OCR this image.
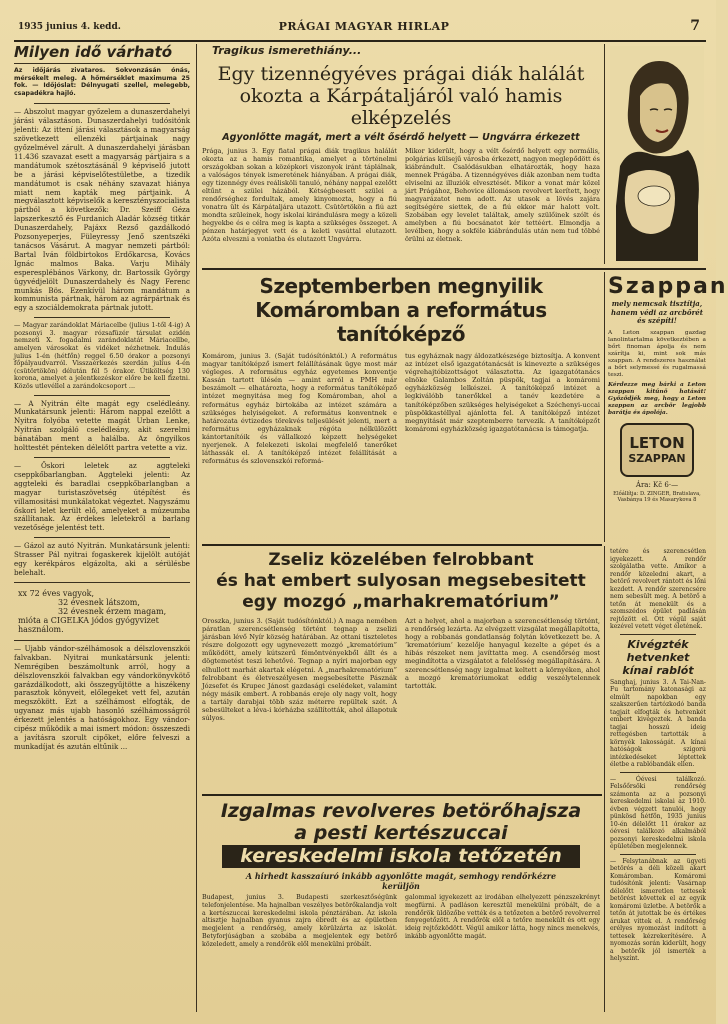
1935 junius 4. kedd.	PRÁGAI MAGYAR HIRLAP	7
Milyen idő várható

Az időjárás zivataros. Sokvonzásán ónás, mérsékelt meleg. A hőmérséklet maximuma 25 fok. — Időjóslat: Délnyugati szellel, melegebb, csapadékra hajló.

— Abszolut magyar győzelem a dunaszerdahelyi járási választáson. Dunaszerdahelyi tudósitónk jelenti: Az ittení járási választások a magyarság szövetkezett ellenzéki pártjainak nagy győzelmével zárult. A dunaszerdahelyi járásban 11.436 szavazat esett a magyarság pártjaira s a mandátumok szétosztásánál 9 képviselő jutott be a járási képviselőtestületbe, a tizedik mandátumot is csak néhány szavazat hiánya miatt nem kapták meg pártjaink. A megválasztott képviselők a keresztényszocialista pártból a következők: Dr. Szeiff Géza lapszerkesztő és Furdanich Aladár község titkár Dunaszerdahely, Pajáxx Rezső gazdálkodó Pozsonyeperjes, Füleyressy Jenő szentszéki tanácsos Vásárut. A magyar nemzeti pártból: Bartal Iván földbirtokos Erdőkarcsa, Kovács Ignác malmos Baka. Varju Mihály esperesplébános Várkony, dr. Bartossik György ügyvédjelölt Dunaszerdahely és Nagy Ferenc munkás Bös. Ezenkívül három mandátum a kommunista pártnak, három az agrárpártnak és egy a szociáldemokrata pártnak jutott.

— Magyar zarándoklat Máriacelbe (julius 1-től 4-ig) A pozsonyi 3. magyar rózsafüzér társulat ezidén nemzeti X. fogadalmi zarándoklatát Máriacellbe, amelyen városokat és vidéket nézhetnek. Indulás julius 1-én (hétfőn) reggel 6.50 órakor a pozsonyi főpályaudvarról. Visszaérkezés szerdán julius 4-én (csütörtökön) délután fél 5 órakor. Útiköltség 130 korona, amelyet a jelentkezéskor előre be kell fizetni. Közös utlevéllel a zarándokcsoport ...

— A Nyitrán élte magát egy cselédleány. Munkatársunk jelenti: Három nappal ezelőtt a Nyitra folyóba vetette magát Urban Lenke, Nyitrán szolgáló cselédleány, akit szerelmi bánatában ment a halálba. Az öngyilkos holttestét pénteken délelőtt partra vetette a viz.

— Őskori leletek az aggteleki cseppkőbarlangban. Aggteleki jelenti: Az aggteleki és baradlai cseppkőbarlangban a magyar turistaszövetség útépítést és villamositási munkálatokat végeztet. Nagyszámu őskori lelet került elő, amelyeket a múzeumba szállítanak. Az érdekes leletekről a barlang vezetősége jelentést tett.

— Gázol az autó Nyitrán. Munkatársunk jelenti: Strasser Pál nyitrai fogaskerek kijelölt autóját egy kerékpáros elgázolta, aki a sérülésbe belehalt.

xx 72 éves vagyok,
32 évesnek látszom,
32 évesnek érzem magam,
mióta a CIGELKA jódos gyógyvizet használom.

— Ujabb vándor-szélhámosok a délszlovenszkói falvakban. Nyitrai munkatársunk jelenti: Nemrégiben beszámoltunk arról, hogy a délszlovenszkói falvakban egy vándorkönyvkötő garázdálkodott, aki összegyűjtötte a hiszékeny parasztok könyveit, előlegeket vett fel, azután megszökött. Ezt a szélhámost elfogták, de ugyanaz más ujabb hasonló szélhámosságról érkezett jelentés a hatóságokhoz. Egy vándor-cipész működik a mai ismert módon: összeszedi a javításra szorult cipőket, előre felveszi a munkadíjat és azután eltűnik ...

Tragikus ismerethiány...
Egy tizennégyéves prágai diák halálát okozta a Kárpátaljáról való hamis elképzelés
Agyonlőtte magát, mert a vélt ősérdő helyett — Ungvárra érkezett

Prága, junius 3. Egy fiatal prágai diák tragikus halálát okozta az a hamis romantika, amelyet a történelmi országokban sokan a középkori viszonyok iránt táplálnak, a valóságos tények ismeretének hiányában. A prágai diák, egy tizennégy éves reálisköli tanuló, néhány nappal ezelőtt eltűnt a szülei házából. Kétségbeesett szülei a rendőrséghez fordultak, amely kinyomozta, hogy a fiú vonatra ült és Kárpátaljára utazott. Csütörtökön a fiú azt mondta szüleinek, hogy iskolai kirándulásra megy a közeli hegyekbe és e célra meg is kapta a szükséges összeget. A pénzen határjegyet vett és a keleti vasúttal elutazott. Azóta elveszni a voniatba és elutazott Ungvárra.

Mikor kiderült, hogy a vélt ősérdő helyett egy normális, polgárias külsejű városba érkezett, nagyon meglepődött és kiábrándult. Csalódásukban elhatározták, hogy haza mennek Prágába. A tizennégyéves diák azonban nem tudta elviselni az illuziók elvesztését. Mikor a vonat már közel járt Prágához, Behovice állomáson revolvert kerített, hogy magyarázatot nem adott. Az utasok a lövés zajára segítségére siettek, de a fiú ekkor már halott volt. Szobában egy levelet találtak, amely szülőinek szólt és amelyben a fiú bocsánatot kér tettéért. Elmondja a levélben, hogy a sokféle kiábrándulás után nem tud többé örülni az életnek.

Szeptemberben megnyilik Komáromban a református tanítóképző

Komárom, junius 3. (Saját tudósítónktól.) A református magyar tanítóképző ismert felállításának ügye most már végleges. A református egyház egyetemes konventje Kassán tartott ülésén — amint arról a PMH már beszámolt — elhatározta, hogy a református tanítóképző intézet megnyitása meg fog Komáromban, ahol a református egyház birtokába az intézet számára a szükséges helyiségeket. A református konventnek e határozata évtizedes törekvés teljesülését jelenti, mert a református egyházaknak régóta nélkülözött kántortanítóik és vállalkozó képzett helységeket nyerjenek. A felekezeti iskolai megfelelő tanerőket láthassák el. A tanítóképző intézet felállítását a református és szlovenszkói reformá-

tus egyháznak nagy áldozatkészsége biztosítja. A konvent az intézet első igazgatótanácsát is kinevezte a szükséges végrehajtóbizottságot választotta. Az igazgatótanács elnöke Galambos Zoltán püspök, tagjai a komáromi egyházközség lelkészei. A tanítóképző intézet a legkiválóbb tanerőkkel a tanév kezdetére a tanítóképzőben szükséges helyiségeket a Széchenyi-uccai püspökkastéllyal ajánlotta fel. A tanítóképző intézet megnyitását már szeptemberre tervezik. A tanítóképzőt komáromi egyházközség igazgatótanácsa is támogatja.

Szappan
mely nemcsak tisztítja, hanem védi az arcbőrét és szépíti!

A Leton szappan gazdag lanolintartalma következtében a bőrt finoman ápolja és nem szárítja ki, mint sok más szappan. A rendszeres használat a bőrt selymessé és rugalmassá teszi.

Kérdezze meg bárki a Leton szappan kitűnő hatását! Győződjék meg, hogy a Leton szappan az arcbőr legjobb barátja és ápolója.

LETON
SZAPPAN
Ára: Kč 6·—
Előállítja: D. ZINGER, Bratislava, Vasbánya 19 és Masarykova 8
Zseliz közelében felrobbant
és hat embert sulyosan megsebesitett
egy mozgó „marhakrematórium”

Oroszka, junius 3. (Saját tudósítónktól.) A maga nemében páratlan szerencsétlenség történt tegnap a zselizi járásban lévő Nyír község határában. Az ottani tiszteletes részre dolgozott egy ugynevezett mozgó „krematórium” működött, amely kútszerű fémöntvényekből állt és a dögtemetést teszi lehetővé. Tegnap a nyíri majorban egy elhullott marhát akartak elégetni. A „marhakrematórium” felrobbant és életveszélyesen megsebesítette Pásznák Józsefet és Krupec Jánost gazdasági cselédeket, valamint négy másik embert. A robbanás ereje oly nagy volt, hogy a tartály darabjai több száz méterre repültek szét. A sebesülteket a léva-i kórházba szállították, ahol állapotuk súlyos.

Azt a helyet, ahol a majorban a szerencsétlenség történt, a rendőrség lezárta. Az elvégzett vizsgálat megállapította, hogy a robbanás gondatlanság folytán következett be. A ‘krematórium’ kezelője hanyagul kezelte a gépet és a hibás részeket nem javíttatta meg. A csendőrség most megindította a vizsgálatot a felelősség megállapítására. A szerencsétlenség nagy izgalmat keltett a környéken, ahol a mozgó krematóriumokat eddig veszélytelennek tartották.

Izgalmas revolveres betörőhajsza
a pesti kertészuccai
kereskedelmi iskola tetőzetén
A hirhedt kasszaíuró inkább agyonlőtte magát, semhogy rendőrkézre kerüljön

Budapest, junius 3. Budapesti szerkesztőségünk telefonjelentése. Ma hajnalban veszélyes betörőkalandja volt a kertészuccai kereskedelmi iskola pénztárában. Az iskola altisztje hajnalban gyanus zajra ébredt és az épületben megjelent a rendőrség, amely körülzárta az iskolát. Betyforjúságban a szobába a megjelentek egy betörő közeledett, amely a rendőrök elől menekülni próbált.

galommal igyekezett az irodában elhelyezett pénzszekrényt megfúrni. A padláson keresztül menekülni próbált, de a rendőrök üldözőbe vették és a tetőzeten a betörő revolverrel fenyegetőzött. A rendőrök elől a tetőre menekült és ott egy ideig rejtőzködött. Végül amikor látta, hogy nincs menekvés, inkább agyonlőtte magát.

tetére és szerencsétlen igyekezett. A rendőr szolgálatba vette. Amikor a rendőr közeledni akart, a betörő revolvert rántott és lőni kezdett. A rendőr szerencsére nem sebesült meg. A betörő a tetőn át menekült és a szomszédos épület padlásán rejtőzött el. Ott végül saját kezével vetett véget életének.

Kivégzték hetvenket kínai rablót

Sanghaj, junius 3. A Tai-Nan-Fu tartomány katonasági az elmúlt napokban egy szakszerűen tartózkodó banda tagjait elfogták és hetvenkét embert kivégeztek. A banda tagjai hosszú ideig rettegésben tartották a környék lakosságát. A kínai hatóságok szigorú intézkedéseket léptettek életbe a rablóbandák ellen.

— Óévesi találkozó. Felsőőrsöki rendőrség számonta az a pozsonyi kereskedelmi iskolai az 1910. évben végzett tanulói, hogy pünkösd hétfőn, 1935 junius 10-én délelőtt 11 órakor az óévesi találkozó alkalmából pozsonyi kereskedelmi iskola épületében megjelennek.

— Felsytanábnak az ügyeti betörés a déli közeli akart Komáromban. Komáromi tudósítónk jelenti: Vasárnap délelőtt ismeretlen tettesek betörést követtek el az egyik komáromi üzletbe. A betörők a tetőn át jutottak be és értékes árukat vittek el. A rendőrség erélyes nyomozást indított a tettesek kézrekerítésére. A nyomozás során kiderült, hogy a betörők jól ismerték a helyszínt.
